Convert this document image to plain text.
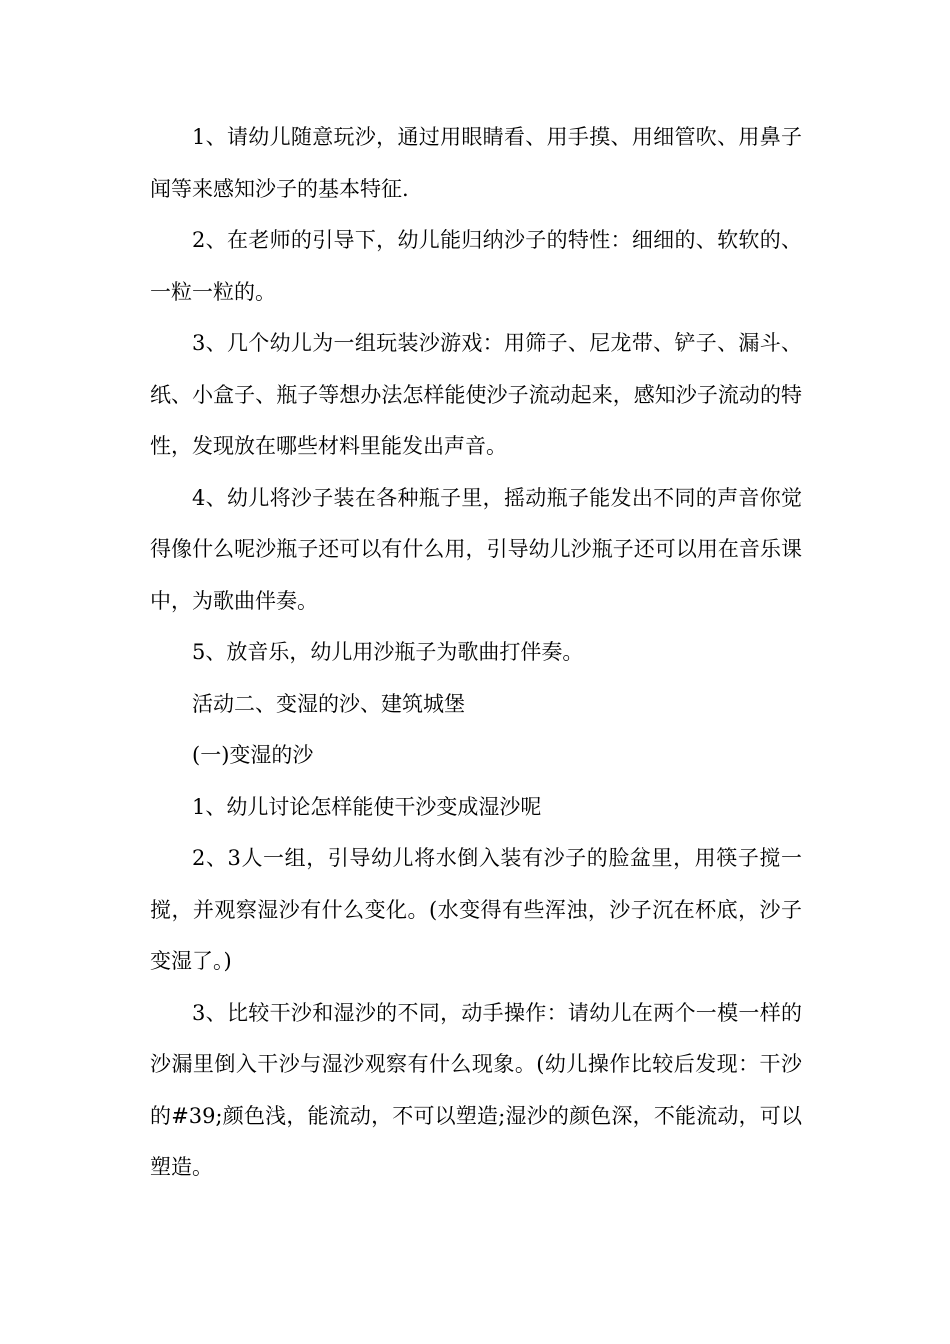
1、请幼儿随意玩沙，通过用眼睛看、用手摸、用细管吹、用鼻子闻等来感知沙子的基本特征.

2、在老师的引导下，幼儿能归纳沙子的特性：细细的、软软的、一粒一粒的。

3、几个幼儿为一组玩装沙游戏：用筛子、尼龙带、铲子、漏斗、纸、小盒子、瓶子等想办法怎样能使沙子流动起来，感知沙子流动的特性，发现放在哪些材料里能发出声音。

4、幼儿将沙子装在各种瓶子里，摇动瓶子能发出不同的声音你觉得像什么呢沙瓶子还可以有什么用，引导幼儿沙瓶子还可以用在音乐课中，为歌曲伴奏。

5、放音乐，幼儿用沙瓶子为歌曲打伴奏。

活动二、变湿的沙、建筑城堡

(一)变湿的沙

1、幼儿讨论怎样能使干沙变成湿沙呢

2、3人一组，引导幼儿将水倒入装有沙子的脸盆里，用筷子搅一搅，并观察湿沙有什么变化。(水变得有些浑浊，沙子沉在杯底，沙子变湿了。)

3、比较干沙和湿沙的不同，动手操作：请幼儿在两个一模一样的沙漏里倒入干沙与湿沙观察有什么现象。(幼儿操作比较后发现：干沙的#39;颜色浅，能流动，不可以塑造;湿沙的颜色深，不能流动，可以塑造。
